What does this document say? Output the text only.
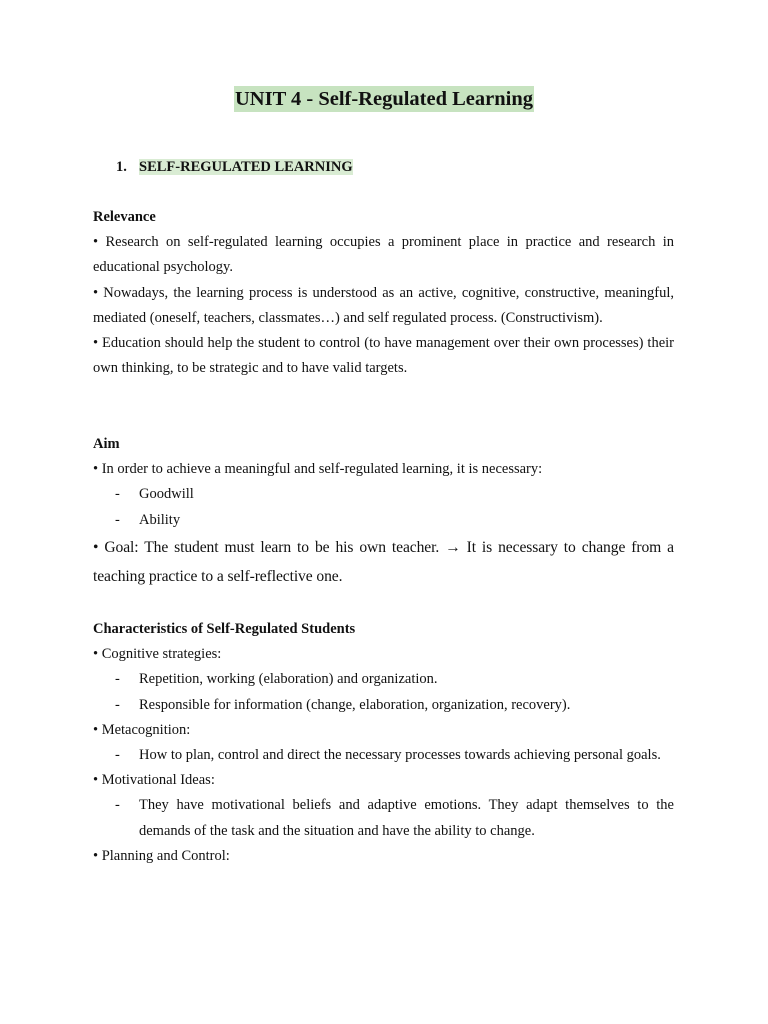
UNIT 4 - Self-Regulated Learning
1. SELF-REGULATED LEARNING
Relevance
• Research on self-regulated learning occupies a prominent place in practice and research in educational psychology.
• Nowadays, the learning process is understood as an active, cognitive, constructive, meaningful, mediated (oneself, teachers, classmates…) and self regulated process. (Constructivism).
• Education should help the student to control (to have management over their own processes) their own thinking, to be strategic and to have valid targets.
Aim
• In order to achieve a meaningful and self-regulated learning, it is necessary:
- Goodwill
- Ability
• Goal: The student must learn to be his own teacher. → It is necessary to change from a teaching practice to a self-reflective one.
Characteristics of Self-Regulated Students
• Cognitive strategies:
- Repetition, working (elaboration) and organization.
- Responsible for information (change, elaboration, organization, recovery).
• Metacognition:
- How to plan, control and direct the necessary processes towards achieving personal goals.
• Motivational Ideas:
- They have motivational beliefs and adaptive emotions. They adapt themselves to the demands of the task and the situation and have the ability to change.
• Planning and Control:
